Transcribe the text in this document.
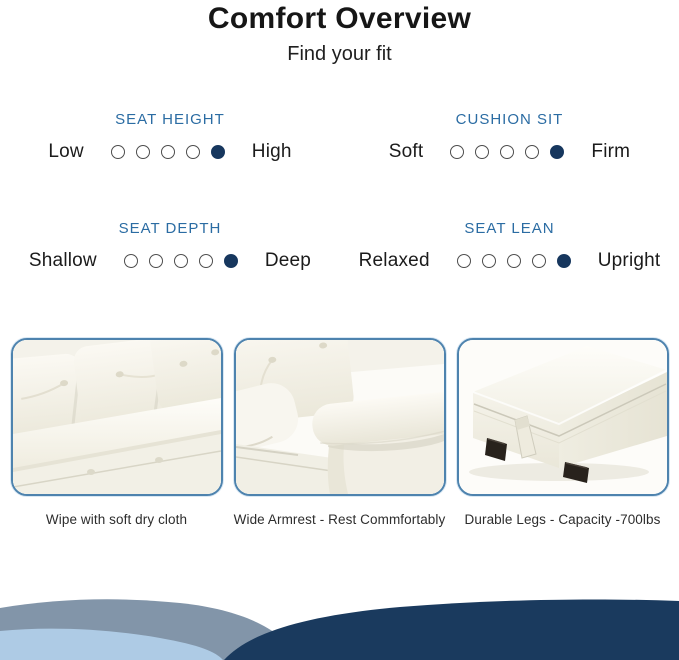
Comfort Overview
Find your fit
SEAT HEIGHT
Low	High
CUSHION SIT
Soft	Firm
SEAT DEPTH
Shallow	Deep
SEAT LEAN
Relaxed	Upright
Wipe with soft dry cloth	Wide Armrest - Rest Commfortably	Durable Legs - Capacity -700lbs
